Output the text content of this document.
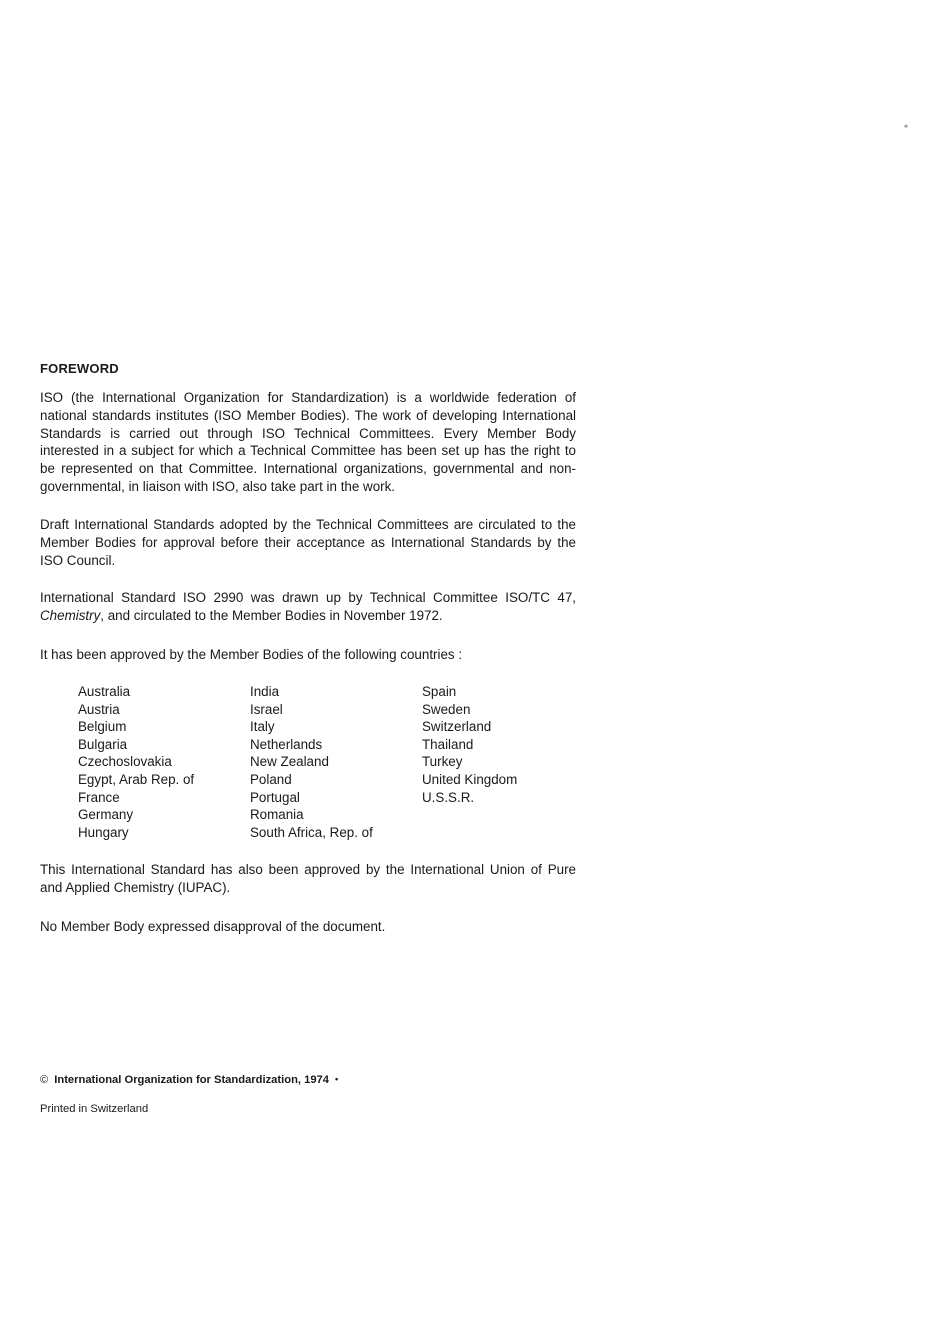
⁎
FOREWORD

ISO (the International Organization for Standardization) is a worldwide federation of national standards institutes (ISO Member Bodies). The work of developing International Standards is carried out through ISO Technical Committees. Every Member Body interested in a subject for which a Technical Committee has been set up has the right to be represented on that Committee. International organizations, governmental and non-governmental, in liaison with ISO, also take part in the work.

Draft International Standards adopted by the Technical Committees are circulated to the Member Bodies for approval before their acceptance as International Standards by the ISO Council.

International Standard ISO 2990 was drawn up by Technical Committee ISO/TC 47, Chemistry, and circulated to the Member Bodies in November 1972.

It has been approved by the Member Bodies of the following countries :

Australia
Austria
Belgium
Bulgaria
Czechoslovakia
Egypt, Arab Rep. of
France
Germany
Hungary
India
Israel
Italy
Netherlands
New Zealand
Poland
Portugal
Romania
South Africa, Rep. of
Spain
Sweden
Switzerland
Thailand
Turkey
United Kingdom
U.S.S.R.

This International Standard has also been approved by the International Union of Pure and Applied Chemistry (IUPAC).

No Member Body expressed disapproval of the document.

© International Organization for Standardization, 1974 •
Printed in Switzerland
